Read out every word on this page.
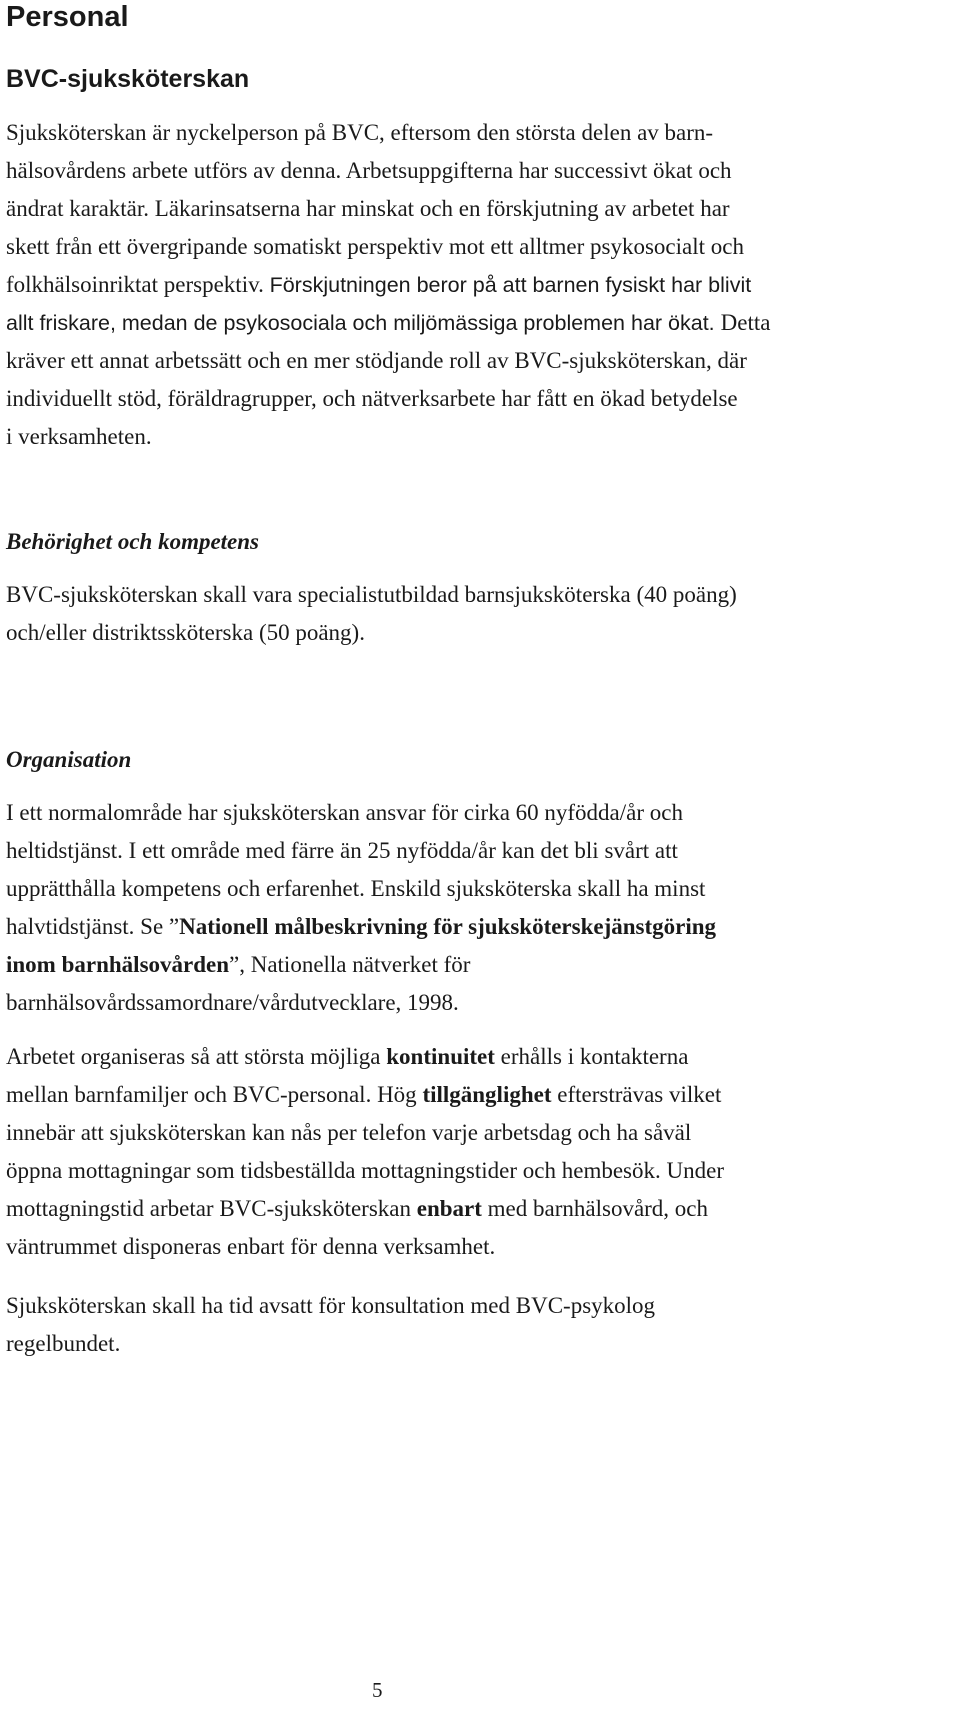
Personal
BVC-sjuksköterskan
Sjuksköterskan är nyckelperson på BVC, eftersom den största delen av barn-
hälsovårdens arbete utförs av denna. Arbetsuppgifterna har successivt ökat och
ändrat karaktär. Läkarinsatserna har minskat och en förskjutning av arbetet har
skett från ett övergripande somatiskt perspektiv mot ett alltmer psykosocialt och
folkhälsoinriktat perspektiv. Förskjutningen beror på att barnen fysiskt har blivit
allt friskare, medan de psykosociala och miljömässiga problemen har ökat. Detta
kräver ett annat arbetssätt och en mer stödjande roll av BVC-sjuksköterskan, där
individuellt stöd, föräldragrupper, och nätverksarbete har fått en ökad betydelse
i verksamheten.
Behörighet och kompetens
BVC-sjuksköterskan skall vara specialistutbildad barnsjuksköterska (40 poäng)
och/eller distriktssköterska (50 poäng).
Organisation
I ett normalområde har sjuksköterskan ansvar för cirka 60 nyfödda/år och
heltidstjänst. I ett område med färre än 25 nyfödda/år kan det bli svårt att
upprätthålla kompetens och erfarenhet. Enskild sjuksköterska skall ha minst
halvtidstjänst. Se ”Nationell målbeskrivning för sjuksköterskejänstgöring
inom barnhälsovården”, Nationella nätverket för
barnhälsovårdssamordnare/vårdutvecklare, 1998.
Arbetet organiseras så att största möjliga kontinuitet erhålls i kontakterna
mellan barnfamiljer och BVC-personal. Hög tillgänglighet eftersträvas vilket
innebär att sjuksköterskan kan nås per telefon varje arbetsdag och ha såväl
öppna mottagningar som tidsbeställda mottagningstider och hembesök. Under
mottagningstid arbetar BVC-sjuksköterskan enbart med barnhälsovård, och
väntrummet disponeras enbart för denna verksamhet.
Sjuksköterskan skall ha tid avsatt för konsultation med BVC-psykolog
regelbundet.
5
